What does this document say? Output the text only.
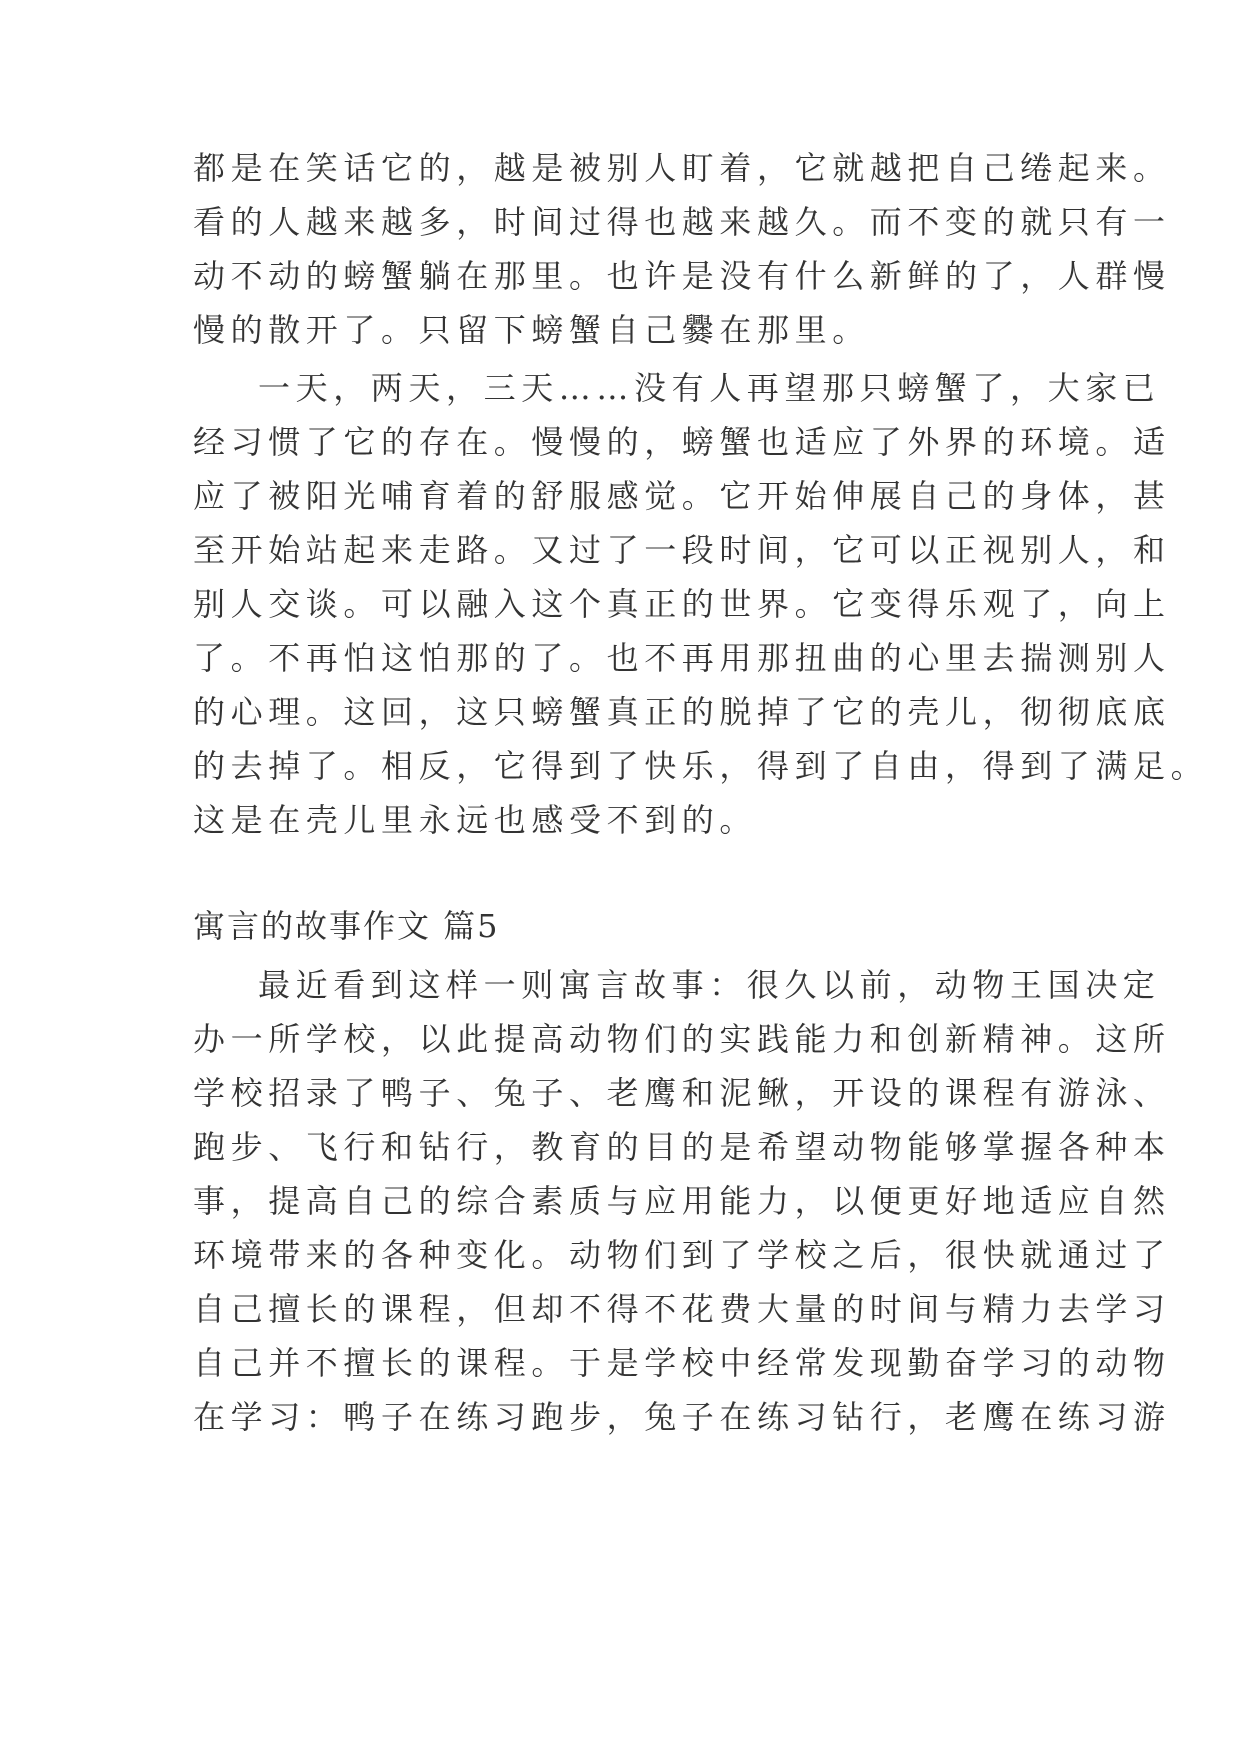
都是在笑话它的，越是被别人盯着，它就越把自己绻起来。
看的人越来越多，时间过得也越来越久。而不变的就只有一
动不动的螃蟹躺在那里。也许是没有什么新鲜的了，人群慢
慢的散开了。只留下螃蟹自己爨在那里。
一天，两天，三天……没有人再望那只螃蟹了，大家已
经习惯了它的存在。慢慢的，螃蟹也适应了外界的环境。适
应了被阳光哺育着的舒服感觉。它开始伸展自己的身体，甚
至开始站起来走路。又过了一段时间，它可以正视别人，和
别人交谈。可以融入这个真正的世界。它变得乐观了，向上
了。不再怕这怕那的了。也不再用那扭曲的心里去揣测别人
的心理。这回，这只螃蟹真正的脱掉了它的壳儿，彻彻底底
的去掉了。相反，它得到了快乐，得到了自由，得到了满足。
这是在壳儿里永远也感受不到的。
寓言的故事作文 篇5
最近看到这样一则寓言故事：很久以前，动物王国决定
办一所学校，以此提高动物们的实践能力和创新精神。这所
学校招录了鸭子、兔子、老鹰和泥鳅，开设的课程有游泳、
跑步、飞行和钻行，教育的目的是希望动物能够掌握各种本
事，提高自己的综合素质与应用能力，以便更好地适应自然
环境带来的各种变化。动物们到了学校之后，很快就通过了
自己擅长的课程，但却不得不花费大量的时间与精力去学习
自己并不擅长的课程。于是学校中经常发现勤奋学习的动物
在学习：鸭子在练习跑步，兔子在练习钻行，老鹰在练习游
